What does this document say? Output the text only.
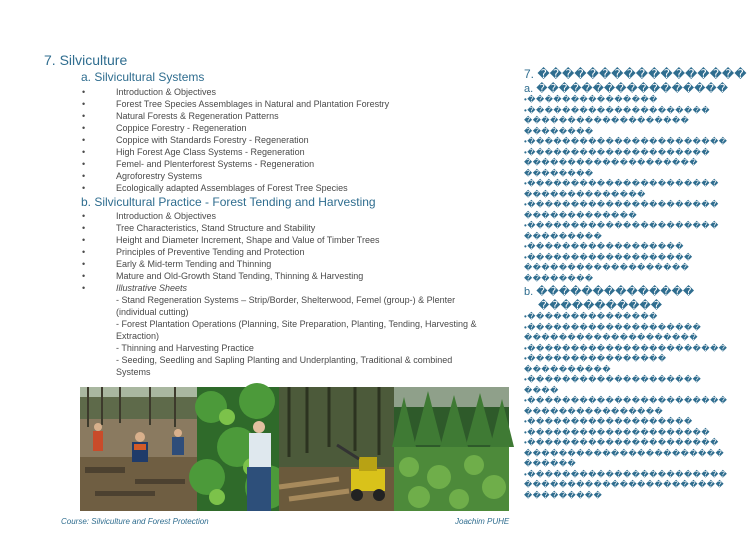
7. Silviculture
a. Silvicultural Systems
•	Introduction & Objectives
•	Forest Tree Species Assemblages in Natural and Plantation Forestry
•	Natural Forests & Regeneration Patterns
•	Coppice Forestry - Regeneration
•	Coppice with Standards Forestry - Regeneration
•	High Forest Age Class Systems - Regeneration
•	Femel- and Plenterforest Systems - Regeneration
•	Agroforestry Systems
•	Ecologically adapted Assemblages of Forest Tree Species
b. Silvicultural Practice - Forest Tending and Harvesting
•	Introduction & Objectives
•	Tree Characteristics, Stand Structure and Stability
•	Height and Diameter Increment, Shape and Value of Timber Trees
•	Principles of Preventive Tending and Protection
•	Early & Mid-term Tending and Thinning
•	Mature and Old-Growth Stand Tending, Thinning & Harvesting
•	Illustrative Sheets
- Stand Regeneration Systems – Strip/Border, Shelterwood, Femel (group-) & Plenter (individual cutting)
- Forest Plantation Operations (Planning, Site Preparation, Planting, Tending, Harvesting & Extraction)
- Thinning and Harvesting Practice
- Seeding, Seedling and Sapling Planting and Underplanting, Traditional & combined Systems
Course: Silviculture and Forest Protection	Joachim PUHE
7. �����������������
a. �����������������
•���������������
•���������������������
�������������������
��������
•�����������������������
•���������������������
��������������������
��������
•����������������������
��������������
•����������������������
�������������
•����������������������
���������
•������������������
•�������������������
�������������������
��������
b. ��������������
�����������
•���������������
•��������������������
��������������������
•�����������������������
•����������������
����������
•��������������������
����
•�����������������������
����������������
•�������������������
•���������������������
•����������������������
�����������������������
������
•�����������������������
�����������������������
���������
